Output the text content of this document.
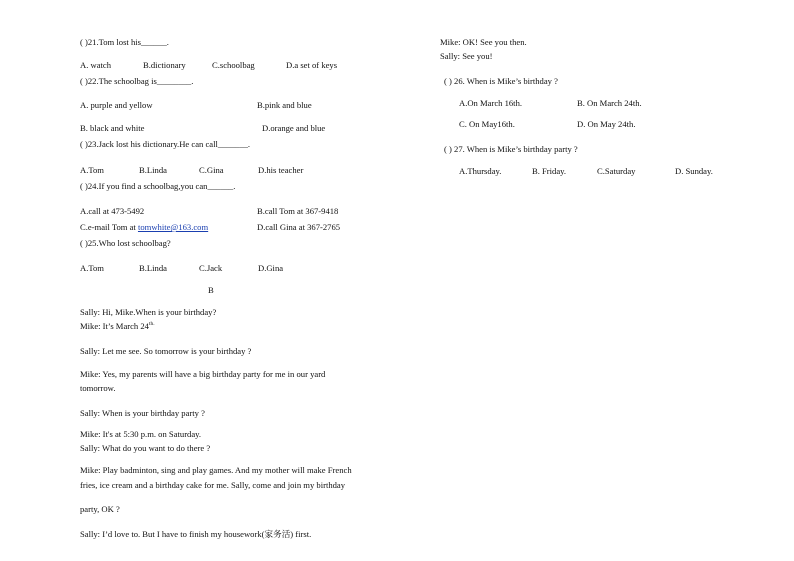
( )21.Tom lost his______.
A. watch	B.dictionary	C.schoolbag	D.a set of keys
( )22.The schoolbag is________.
A. purple and yellow	B.pink and blue
B. black and white	D.orange and blue
( )23.Jack lost his dictionary.He can call_______.
A.Tom	B.Linda	C.Gina	D.his teacher
( )24.If you find a schoolbag,you can______.
A.call at 473-5492	B.call Tom at 367-9418
C.e-mail Tom at tomwhite@163.com	D.call Gina at 367-2765
( )25.Who lost schoolbag?
A.Tom	B.Linda	C.Jack	D.Gina
B
Sally: Hi, Mike.When is your birthday?
Mike: It’s March $24^{th.}$
Sally: Let me see. So tomorrow is your birthday ?
Mike: Yes, my parents will have a big birthday party for me in our yard
tomorrow.
Sally: When is your birthday party ?
Mike: It's at 5:30 p.m. on Saturday.
Sally: What do you want to do there ?
Mike: Play badminton, sing and play games. And my mother will make French
fries, ice cream and a birthday cake for me. Sally, come and join my birthday
party, OK ?
Sally: I’d love to. But I have to finish my housework(家务活) first.
Mike: OK! See you then.
Sally: See you!
( ) 26. When is Mike’s birthday ?
A.On March 16th.	B. On March 24th.
C. On May16th.	D. On May 24th.
( ) 27. When is Mike’s birthday party ?
A.Thursday.	B. Friday.	C.Saturday	D. Sunday.
